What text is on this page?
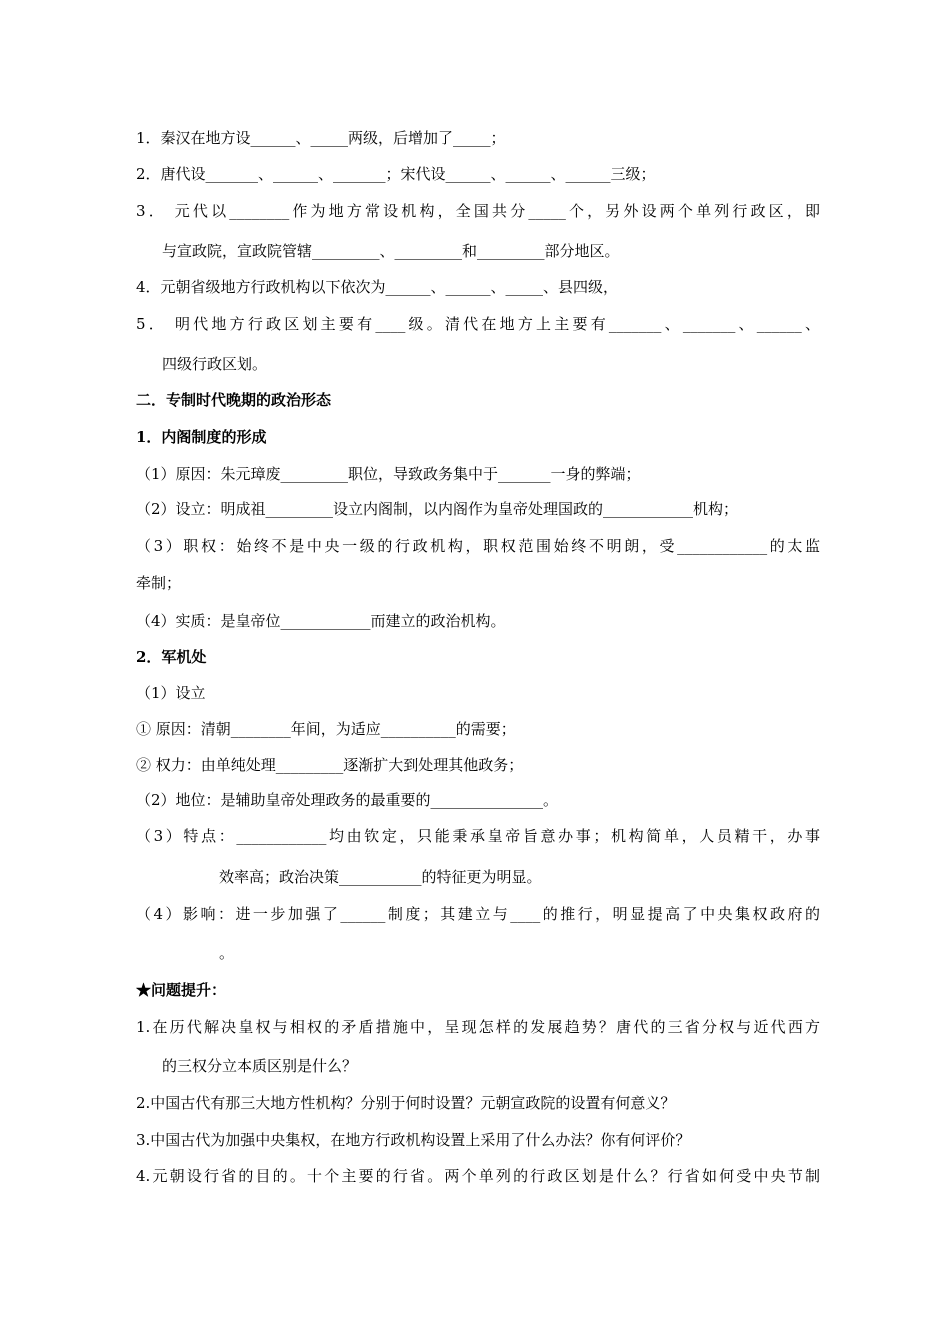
1．秦汉在地方设______、_____两级，后增加了_____；
2．唐代设_______、______、_______；宋代设______、______、______三级；
3． 元代以________作为地方常设机构，全国共分_____个，另外设两个单列行政区，即
与宣政院，宣政院管辖_________、_________和_________部分地区。
4．元朝省级地方行政机构以下依次为______、______、_____、县四级，
5． 明代地方行政区划主要有____级。清代在地方上主要有_______、_______、______、
四级行政区划。
二．专制时代晚期的政治形态
1．内阁制度的形成
（1）原因：朱元璋废_________职位，导致政务集中于_______一身的弊端；
（2）设立：明成祖_________设立内阁制，以内阁作为皇帝处理国政的____________机构；
（3）职权：始终不是中央一级的行政机构，职权范围始终不明朗，受____________的太监
牵制；
（4）实质：是皇帝位____________而建立的政治机构。
2．军机处
（1）设立
① 原因：清朝________年间，为适应__________的需要；
② 权力：由单纯处理_________逐渐扩大到处理其他政务；
（2）地位：是辅助皇帝处理政务的最重要的_______________。
（3）特点：____________均由钦定，只能秉承皇帝旨意办事；机构简单，人员精干，办事
效率高；政治决策___________的特征更为明显。
（4）影响：进一步加强了______制度；其建立与____的推行，明显提高了中央集权政府的
。
★问题提升：
1.在历代解决皇权与相权的矛盾措施中，呈现怎样的发展趋势？唐代的三省分权与近代西方
的三权分立本质区别是什么？
2.中国古代有那三大地方性机构？分别于何时设置？元朝宣政院的设置有何意义？
3.中国古代为加强中央集权，在地方行政机构设置上采用了什么办法？你有何评价？
4.元朝设行省的目的。十个主要的行省。两个单列的行政区划是什么？行省如何受中央节制
